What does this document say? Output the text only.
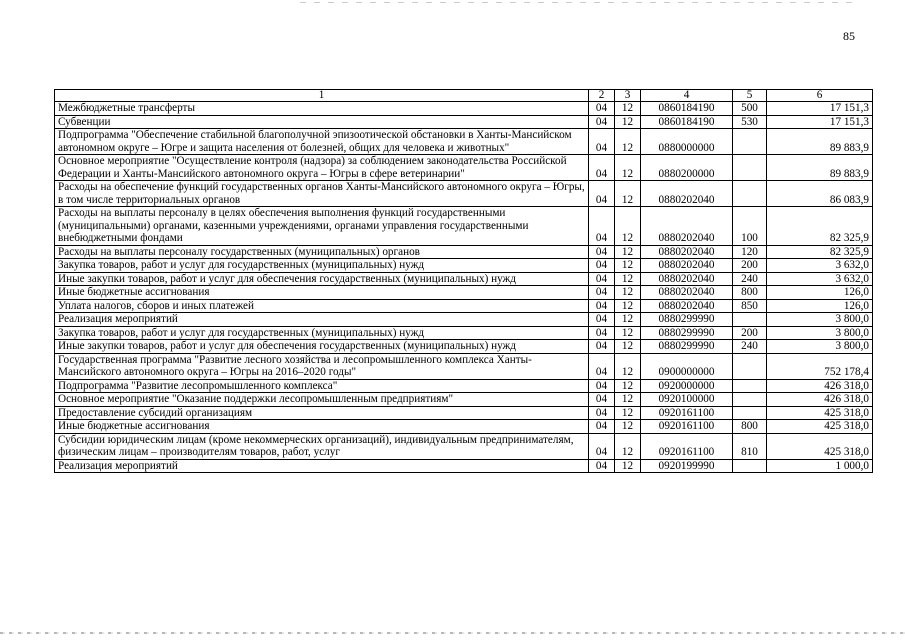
85
1	2	3	4	5	6
Межбюджетные трансферты	04	12	0860184190	500	17 151,3
Субвенции	04	12	0860184190	530	17 151,3
Подпрограмма "Обеспечение стабильной благополучной эпизоотической обстановки в Ханты-Мансийском автономном округе – Югре и защита населения от болезней, общих для человека и животных"	04	12	0880000000		89 883,9
Основное мероприятие "Осуществление контроля (надзора) за соблюдением законодательства Российской Федерации и Ханты-Мансийского автономного округа – Югры в сфере ветеринарии"	04	12	0880200000		89 883,9
Расходы на обеспечение функций государственных органов Ханты-Мансийского автономного округа – Югры, в том числе территориальных органов	04	12	0880202040		86 083,9
Расходы на выплаты персоналу в целях обеспечения выполнения функций государственными (муниципальными) органами, казенными учреждениями, органами управления государственными внебюджетными фондами	04	12	0880202040	100	82 325,9
Расходы на выплаты персоналу государственных (муниципальных) органов	04	12	0880202040	120	82 325,9
Закупка товаров, работ и услуг для государственных (муниципальных) нужд	04	12	0880202040	200	3 632,0
Иные закупки товаров, работ и услуг для обеспечения государственных (муниципальных) нужд	04	12	0880202040	240	3 632,0
Иные бюджетные ассигнования	04	12	0880202040	800	126,0
Уплата налогов, сборов и иных платежей	04	12	0880202040	850	126,0
Реализация мероприятий	04	12	0880299990		3 800,0
Закупка товаров, работ и услуг для государственных (муниципальных) нужд	04	12	0880299990	200	3 800,0
Иные закупки товаров, работ и услуг для обеспечения государственных (муниципальных) нужд	04	12	0880299990	240	3 800,0
Государственная программа "Развитие лесного хозяйства и лесопромышленного комплекса Ханты-Мансийского автономного округа – Югры на 2016–2020 годы"	04	12	0900000000		752 178,4
Подпрограмма "Развитие лесопромышленного комплекса"	04	12	0920000000		426 318,0
Основное мероприятие "Оказание поддержки лесопромышленным предприятиям"	04	12	0920100000		426 318,0
Предоставление субсидий организациям	04	12	0920161100		425 318,0
Иные бюджетные ассигнования	04	12	0920161100	800	425 318,0
Субсидии юридическим лицам (кроме некоммерческих организаций), индивидуальным предпринимателям, физическим лицам – производителям товаров, работ, услуг	04	12	0920161100	810	425 318,0
Реализация мероприятий	04	12	0920199990		1 000,0
